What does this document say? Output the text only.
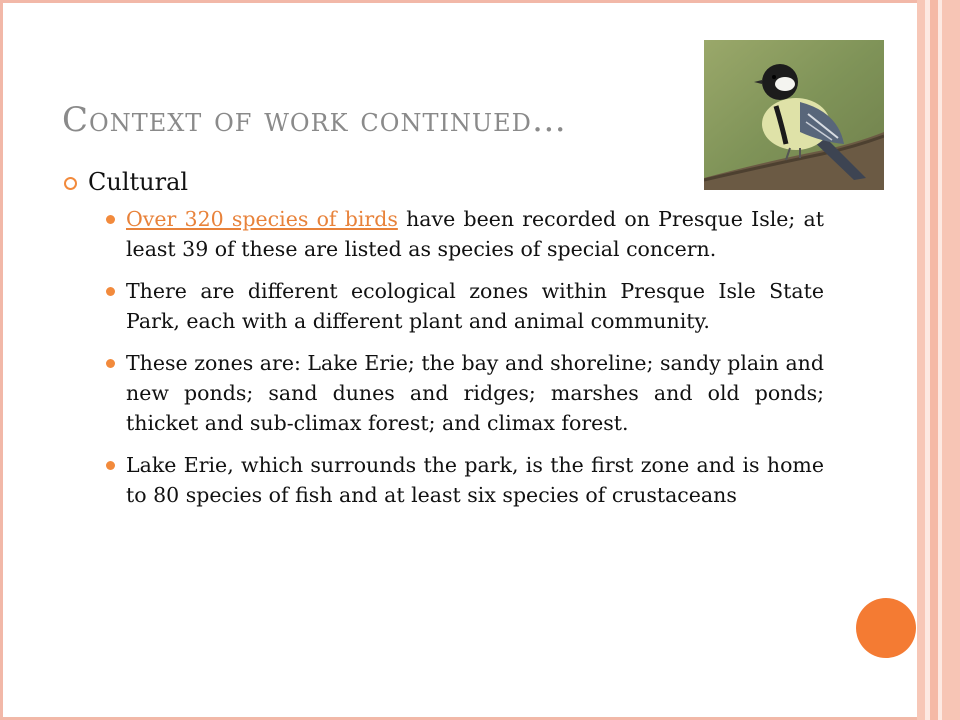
Context of work continued…
Cultural
Over 320 species of birds have been recorded on Presque Isle; at least 39 of these are listed as species of special concern.
There are different ecological zones within Presque Isle State Park, each with a different plant and animal community.
These zones are: Lake Erie; the bay and shoreline; sandy plain and new ponds; sand dunes and ridges; marshes and old ponds; thicket and sub-climax forest; and climax forest.
Lake Erie, which surrounds the park, is the first zone and is home to 80 species of fish and at least six species of crustaceans
